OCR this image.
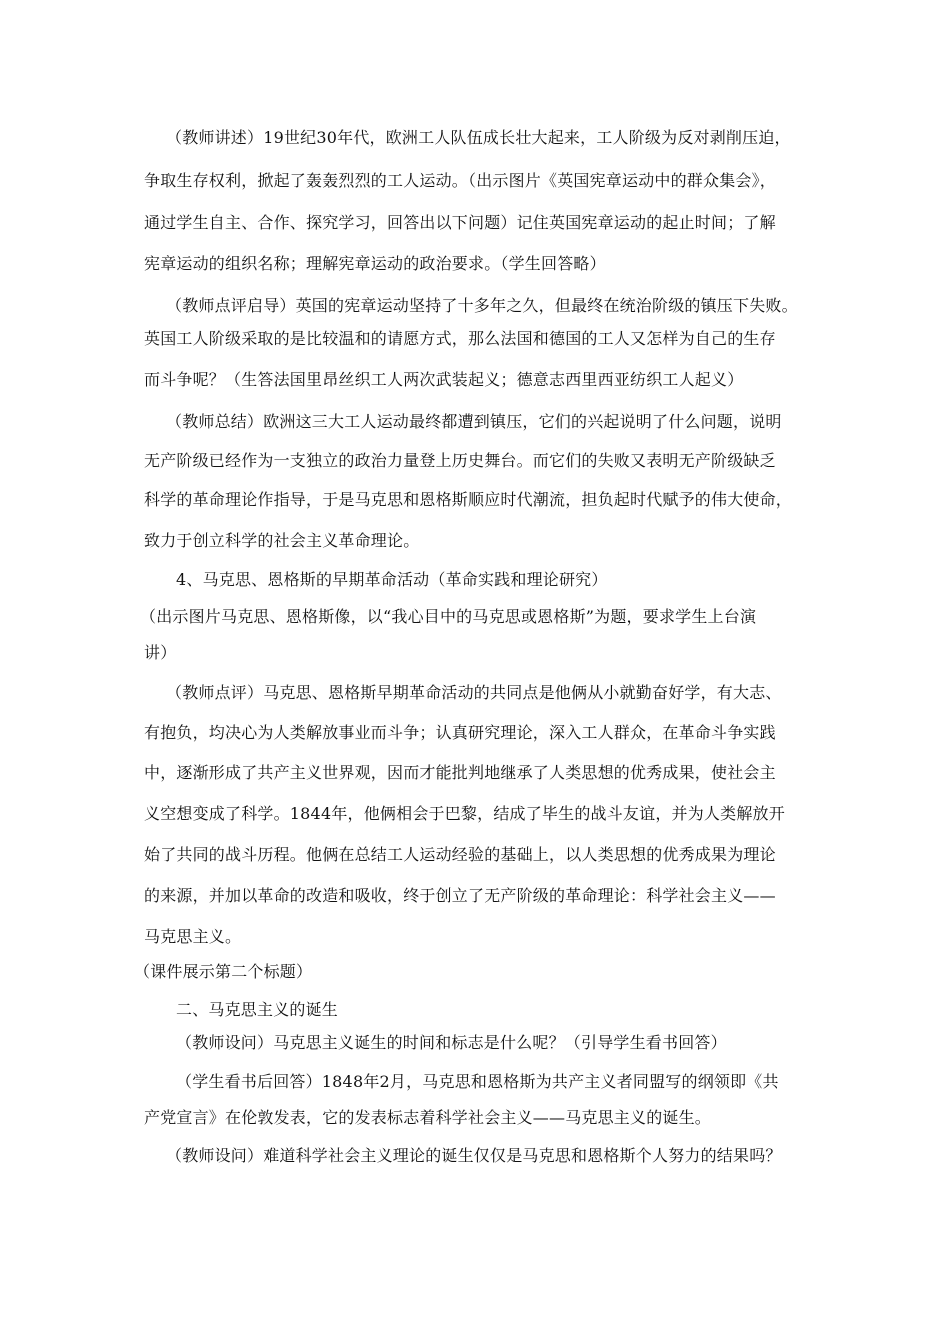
（教师讲述）19世纪30年代，欧洲工人队伍成长壮大起来，工人阶级为反对剥削压迫，
争取生存权利，掀起了轰轰烈烈的工人运动。（出示图片《英国宪章运动中的群众集会》，
通过学生自主、合作、探究学习，回答出以下问题）记住英国宪章运动的起止时间；了解
宪章运动的组织名称；理解宪章运动的政治要求。（学生回答略）
（教师点评启导）英国的宪章运动坚持了十多年之久，但最终在统治阶级的镇压下失败。
英国工人阶级采取的是比较温和的请愿方式，那么法国和德国的工人又怎样为自己的生存
而斗争呢？（生答法国里昂丝织工人两次武装起义；德意志西里西亚纺织工人起义）
（教师总结）欧洲这三大工人运动最终都遭到镇压，它们的兴起说明了什么问题，说明
无产阶级已经作为一支独立的政治力量登上历史舞台。而它们的失败又表明无产阶级缺乏
科学的革命理论作指导，于是马克思和恩格斯顺应时代潮流，担负起时代赋予的伟大使命，
致力于创立科学的社会主义革命理论。
4、马克思、恩格斯的早期革命活动（革命实践和理论研究）
（出示图片马克思、恩格斯像，以“我心目中的马克思或恩格斯”为题，要求学生上台演
讲）
（教师点评）马克思、恩格斯早期革命活动的共同点是他俩从小就勤奋好学，有大志、
有抱负，均决心为人类解放事业而斗争；认真研究理论，深入工人群众，在革命斗争实践
中，逐渐形成了共产主义世界观，因而才能批判地继承了人类思想的优秀成果，使社会主
义空想变成了科学。1844年，他俩相会于巴黎，结成了毕生的战斗友谊，并为人类解放开
始了共同的战斗历程。他俩在总结工人运动经验的基础上，以人类思想的优秀成果为理论
的来源，并加以革命的改造和吸收，终于创立了无产阶级的革命理论：科学社会主义——
马克思主义。
（课件展示第二个标题）
二、马克思主义的诞生
（教师设问）马克思主义诞生的时间和标志是什么呢？（引导学生看书回答）
（学生看书后回答）1848年2月，马克思和恩格斯为共产主义者同盟写的纲领即《共
产党宣言》在伦敦发表，它的发表标志着科学社会主义——马克思主义的诞生。
（教师设问）难道科学社会主义理论的诞生仅仅是马克思和恩格斯个人努力的结果吗？
